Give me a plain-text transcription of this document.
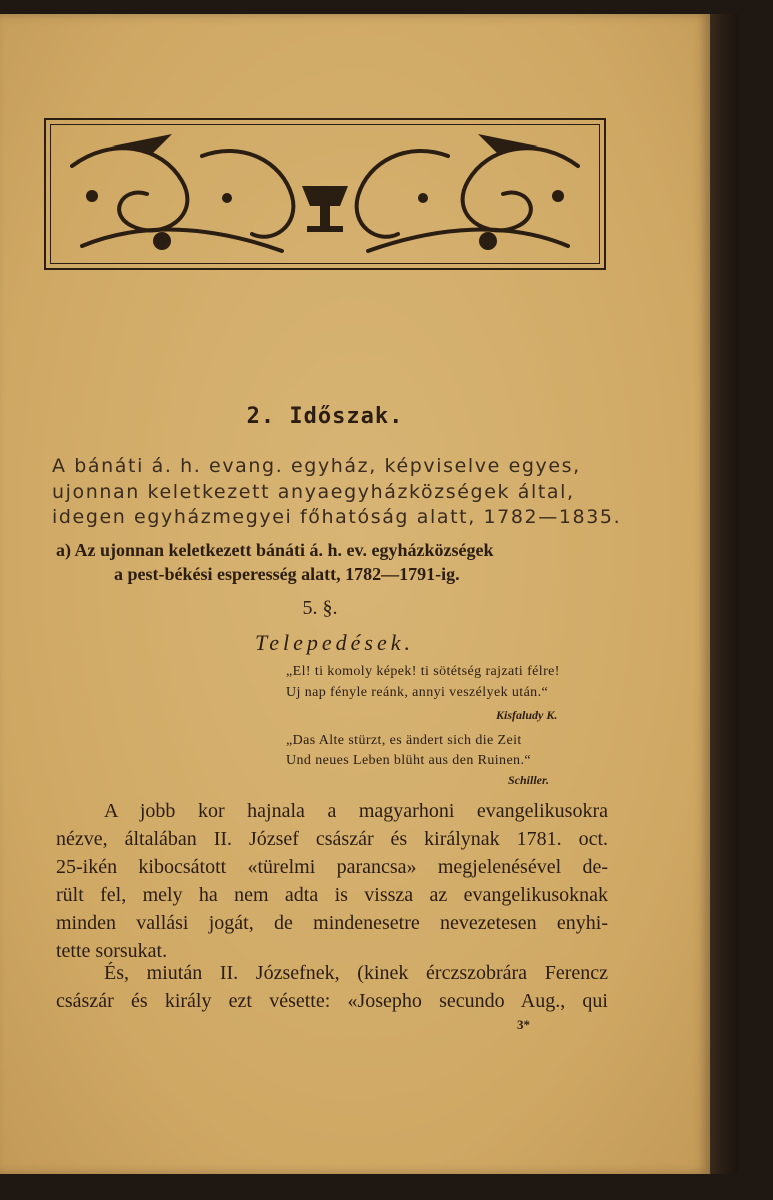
2. Időszak.
A bánáti á. h. evang. egyház, képviselve egyes,
ujonnan keletkezett anyaegyházközségek által,
idegen egyházmegyei főhatóság alatt, 1782—1835.
a) Az ujonnan keletkezett bánáti á. h. ev. egyházközségek
a pest-békési esperesség alatt, 1782—1791-ig.
5. §.
Telepedések.
„El! ti komoly képek! ti sötétség rajzati félre!
Uj nap fényle reánk, annyi veszélyek után.“
Kisfaludy K.
„Das Alte stürzt, es ändert sich die Zeit
Und neues Leben blüht aus den Ruinen.“
Schiller.
A jobb kor hajnala a magyarhoni evangelikusokra
nézve, általában II. József császár és királynak 1781. oct.
25-ikén kibocsátott «türelmi parancsa» megjelenésével de-
rült fel, mely ha nem adta is vissza az evangelikusoknak
minden vallási jogát, de mindenesetre nevezetesen enyhi-
tette sorsukat.
És, miután II. Józsefnek, (kinek érczszobrára Ferencz
császár és király ezt vésette: «Josepho secundo Aug., qui
3*
